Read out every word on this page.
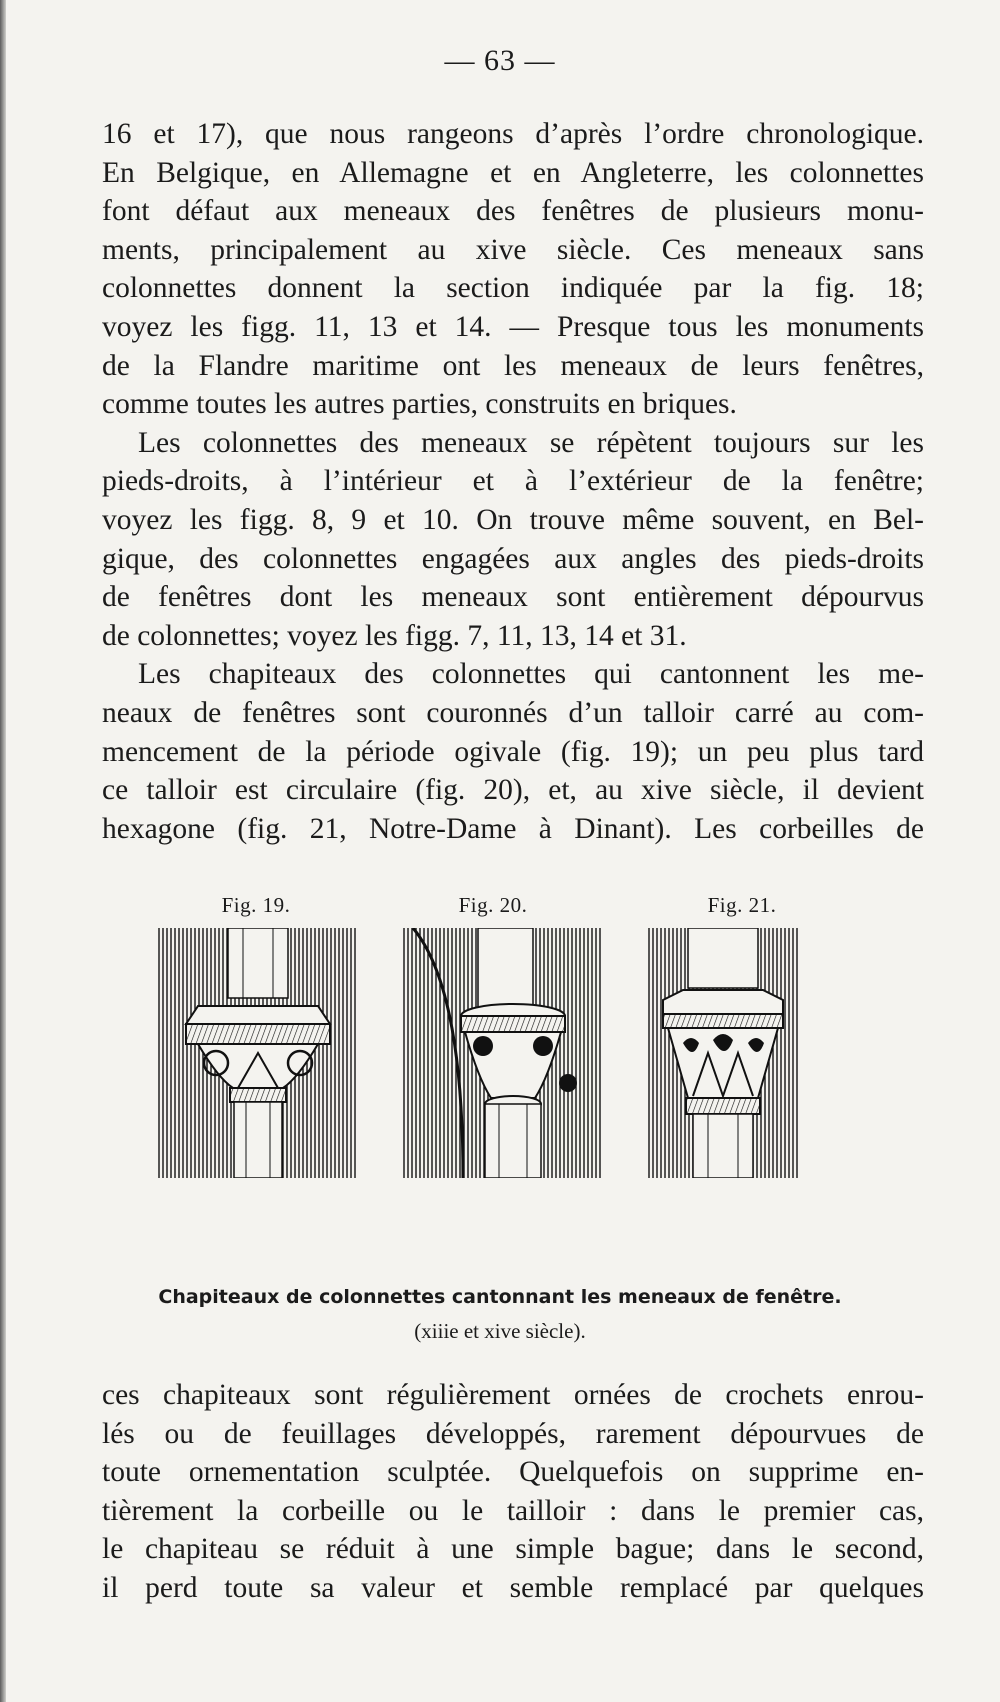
— 63 —

16 et 17), que nous rangeons d’après l’ordre chronologique.
En Belgique, en Allemagne et en Angleterre, les colonnettes
font défaut aux meneaux des fenêtres de plusieurs monu-
ments, principalement au xive siècle. Ces meneaux sans
colonnettes donnent la section indiquée par la fig. 18;
voyez les figg. 11, 13 et 14. — Presque tous les monuments
de la Flandre maritime ont les meneaux de leurs fenêtres,
comme toutes les autres parties, construits en briques.

Les colonnettes des meneaux se répètent toujours sur les
pieds-droits, à l’intérieur et à l’extérieur de la fenêtre;
voyez les figg. 8, 9 et 10. On trouve même souvent, en Bel-
gique, des colonnettes engagées aux angles des pieds-droits
de fenêtres dont les meneaux sont entièrement dépourvus
de colonnettes; voyez les figg. 7, 11, 13, 14 et 31.

Les chapiteaux des colonnettes qui cantonnent les me-
neaux de fenêtres sont couronnés d’un talloir carré au com-
mencement de la période ogivale (fig. 19); un peu plus tard
ce talloir est circulaire (fig. 20), et, au xive siècle, il devient
hexagone (fig. 21, Notre-Dame à Dinant). Les corbeilles de

Fig. 19.	Fig. 20.	Fig. 21.
Chapiteaux de colonnettes cantonnant les meneaux de fenêtre.
(xiiie et xive siècle).

ces chapiteaux sont régulièrement ornées de crochets enrou-
lés ou de feuillages développés, rarement dépourvues de
toute ornementation sculptée. Quelquefois on supprime en-
tièrement la corbeille ou le tailloir : dans le premier cas,
le chapiteau se réduit à une simple bague; dans le second,
il perd toute sa valeur et semble remplacé par quelques
